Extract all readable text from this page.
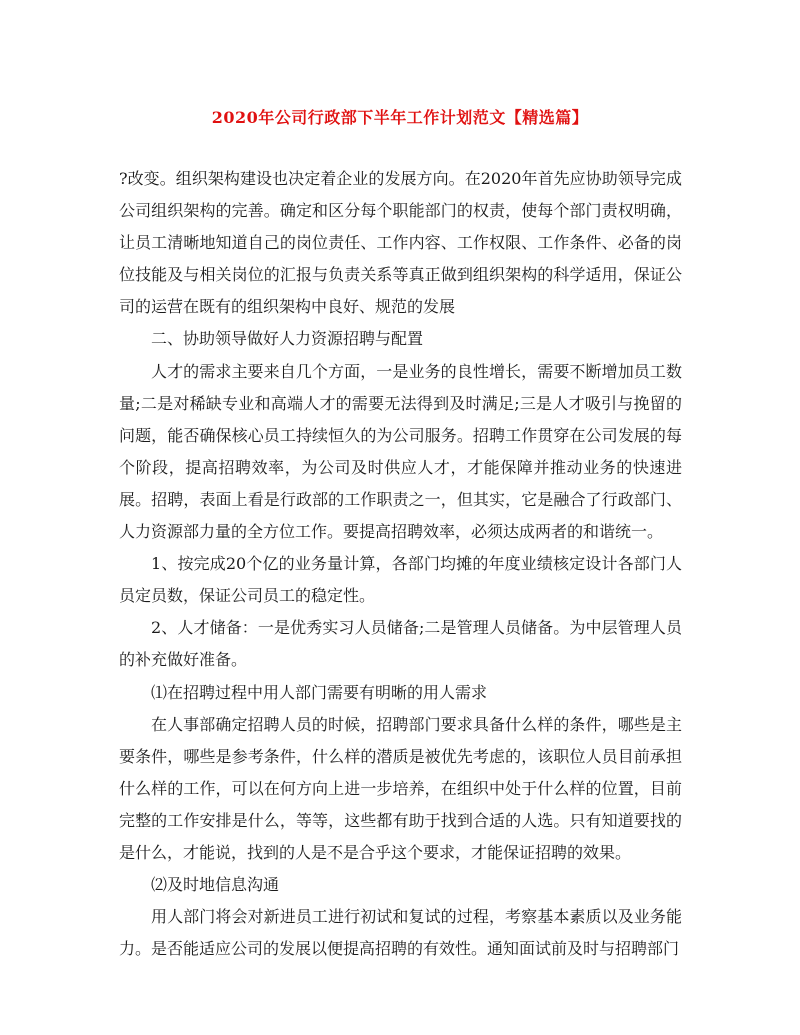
2020年公司行政部下半年工作计划范文【精选篇】

?改变。组织架构建设也决定着企业的发展方向。在2020年首先应协助领导完成公司组织架构的完善。确定和区分每个职能部门的权责，使每个部门责权明确，让员工清晰地知道自己的岗位责任、工作内容、工作权限、工作条件、必备的岗位技能及与相关岗位的汇报与负责关系等真正做到组织架构的科学适用，保证公司的运营在既有的组织架构中良好、规范的发展

二、协助领导做好人力资源招聘与配置

人才的需求主要来自几个方面，一是业务的良性增长，需要不断增加员工数量;二是对稀缺专业和高端人才的需要无法得到及时满足;三是人才吸引与挽留的问题，能否确保核心员工持续恒久的为公司服务。招聘工作贯穿在公司发展的每个阶段，提高招聘效率，为公司及时供应人才，才能保障并推动业务的快速进展。招聘，表面上看是行政部的工作职责之一，但其实，它是融合了行政部门、人力资源部力量的全方位工作。要提高招聘效率，必须达成两者的和谐统一。

1、按完成20个亿的业务量计算，各部门均摊的年度业绩核定设计各部门人员定员数，保证公司员工的稳定性。

2、人才储备：一是优秀实习人员储备;二是管理人员储备。为中层管理人员的补充做好准备。

⑴在招聘过程中用人部门需要有明晰的用人需求

在人事部确定招聘人员的时候，招聘部门要求具备什么样的条件，哪些是主要条件，哪些是参考条件，什么样的潜质是被优先考虑的，该职位人员目前承担什么样的工作，可以在何方向上进一步培养，在组织中处于什么样的位置，目前完整的工作安排是什么，等等，这些都有助于找到合适的人选。只有知道要找的是什么，才能说，找到的人是不是合乎这个要求，才能保证招聘的效果。

⑵及时地信息沟通

用人部门将会对新进员工进行初试和复试的过程，考察基本素质以及业务能力。是否能适应公司的发展以便提高招聘的有效性。通知面试前及时与招聘部门
